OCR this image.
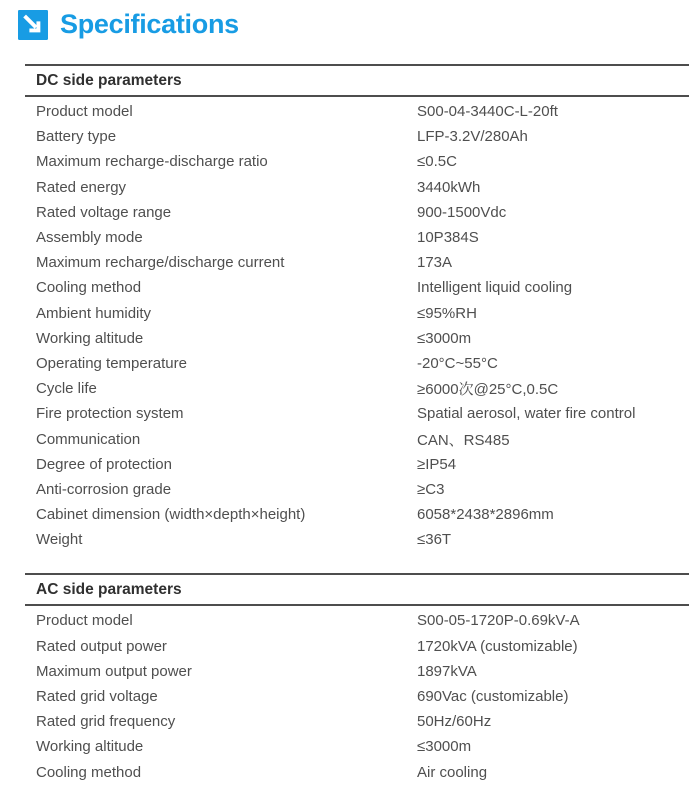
Specifications
DC side parameters
Product model	S00-04-3440C-L-20ft
Battery type	LFP-3.2V/280Ah
Maximum recharge-discharge ratio	≤0.5C
Rated energy	3440kWh
Rated voltage range	900-1500Vdc
Assembly mode	10P384S
Maximum recharge/discharge current	173A
Cooling method	Intelligent liquid cooling
Ambient humidity	≤95%RH
Working altitude	≤3000m
Operating temperature	-20°C~55°C
Cycle life	≥6000次@25°C,0.5C
Fire protection system	Spatial aerosol, water fire control
Communication	CAN、RS485
Degree of protection	≥IP54
Anti-corrosion grade	≥C3
Cabinet dimension (width×depth×height)	6058*2438*2896mm
Weight	≤36T
AC side parameters
Product model	S00-05-1720P-0.69kV-A
Rated output power	1720kVA (customizable)
Maximum output power	1897kVA
Rated grid voltage	690Vac (customizable)
Rated grid frequency	50Hz/60Hz
Working altitude	≤3000m
Cooling method	Air cooling
